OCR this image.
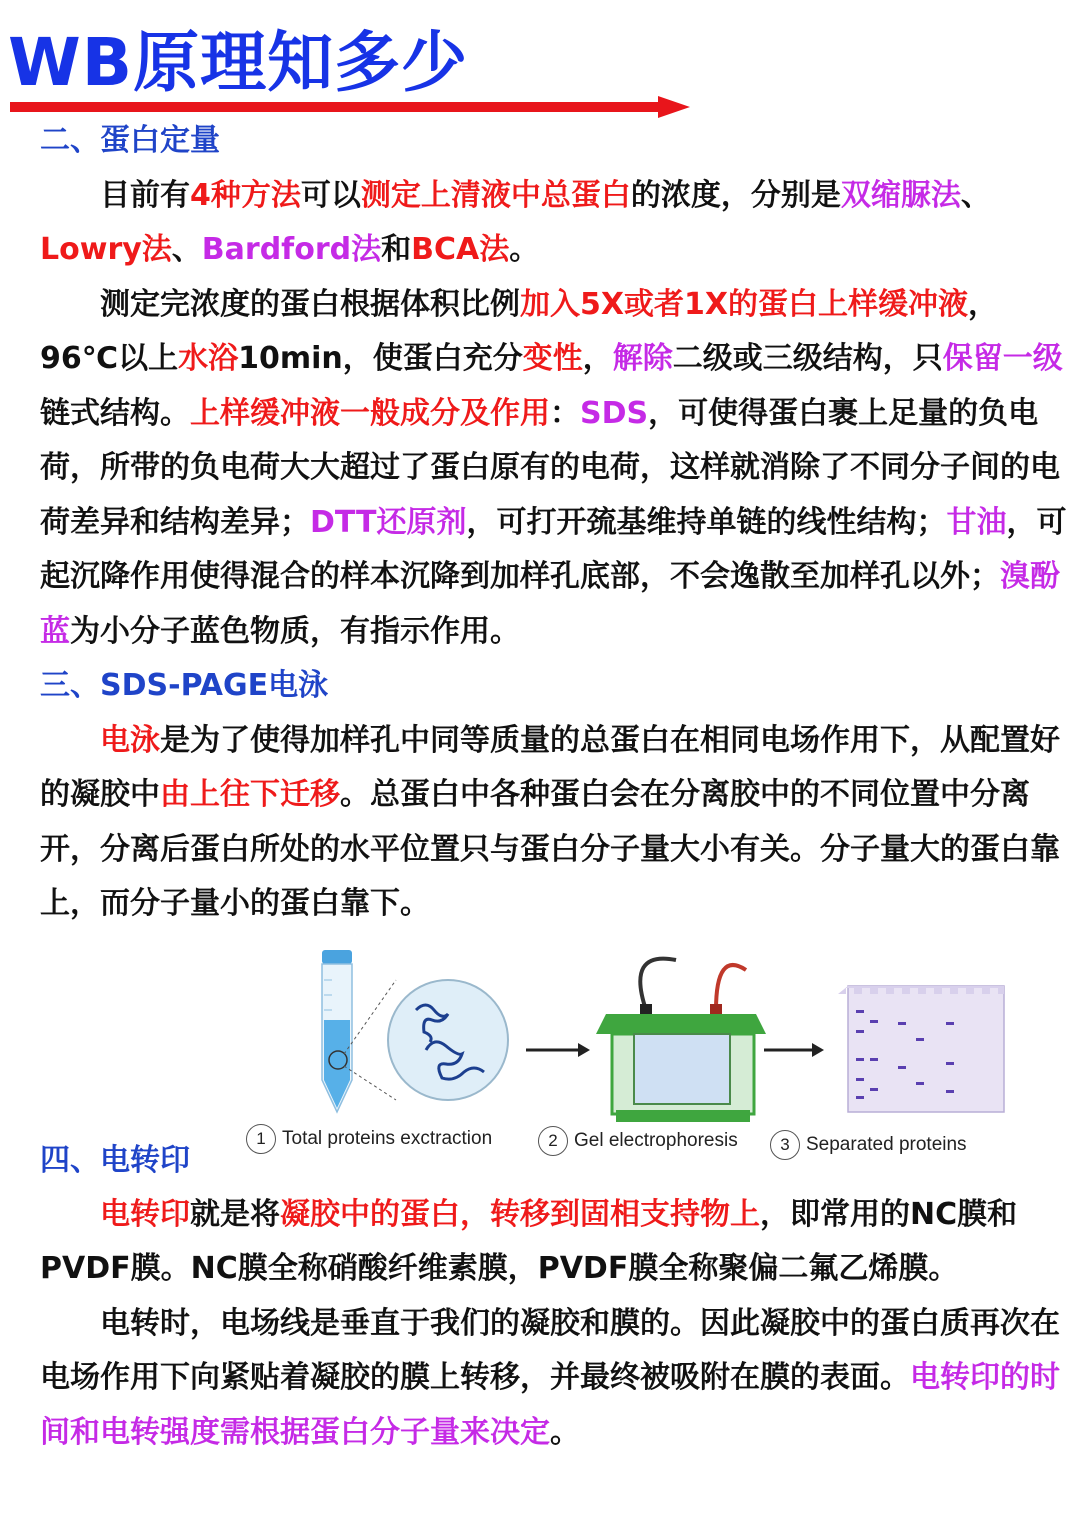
WB原理知多少

二、蛋白定量

目前有4种方法可以测定上清液中总蛋白的浓度，分别是双缩脲法、Lowry法、Bardford法和BCA法。

测定完浓度的蛋白根据体积比例加入5X或者1X的蛋白上样缓冲液，96℃以上水浴10min，使蛋白充分变性，解除二级或三级结构，只保留一级链式结构。上样缓冲液一般成分及作用：SDS，可使得蛋白裹上足量的负电荷，所带的负电荷大大超过了蛋白原有的电荷，这样就消除了不同分子间的电荷差异和结构差异；DTT还原剂，可打开巯基维持单链的线性结构；甘油，可起沉降作用使得混合的样本沉降到加样孔底部，不会逸散至加样孔以外；溴酚蓝为小分子蓝色物质，有指示作用。

三、SDS-PAGE电泳

电泳是为了使得加样孔中同等质量的总蛋白在相同电场作用下，从配置好的凝胶中由上往下迁移。总蛋白中各种蛋白会在分离胶中的不同位置中分离开，分离后蛋白所处的水平位置只与蛋白分子量大小有关。分子量大的蛋白靠上，而分子量小的蛋白靠下。

1 Total proteins exctraction	2 Gel electrophoresis	3 Separated proteins

四、电转印

电转印就是将凝胶中的蛋白，转移到固相支持物上，即常用的NC膜和PVDF膜。NC膜全称硝酸纤维素膜，PVDF膜全称聚偏二氟乙烯膜。

电转时，电场线是垂直于我们的凝胶和膜的。因此凝胶中的蛋白质再次在电场作用下向紧贴着凝胶的膜上转移，并最终被吸附在膜的表面。电转印的时间和电转强度需根据蛋白分子量来决定。
